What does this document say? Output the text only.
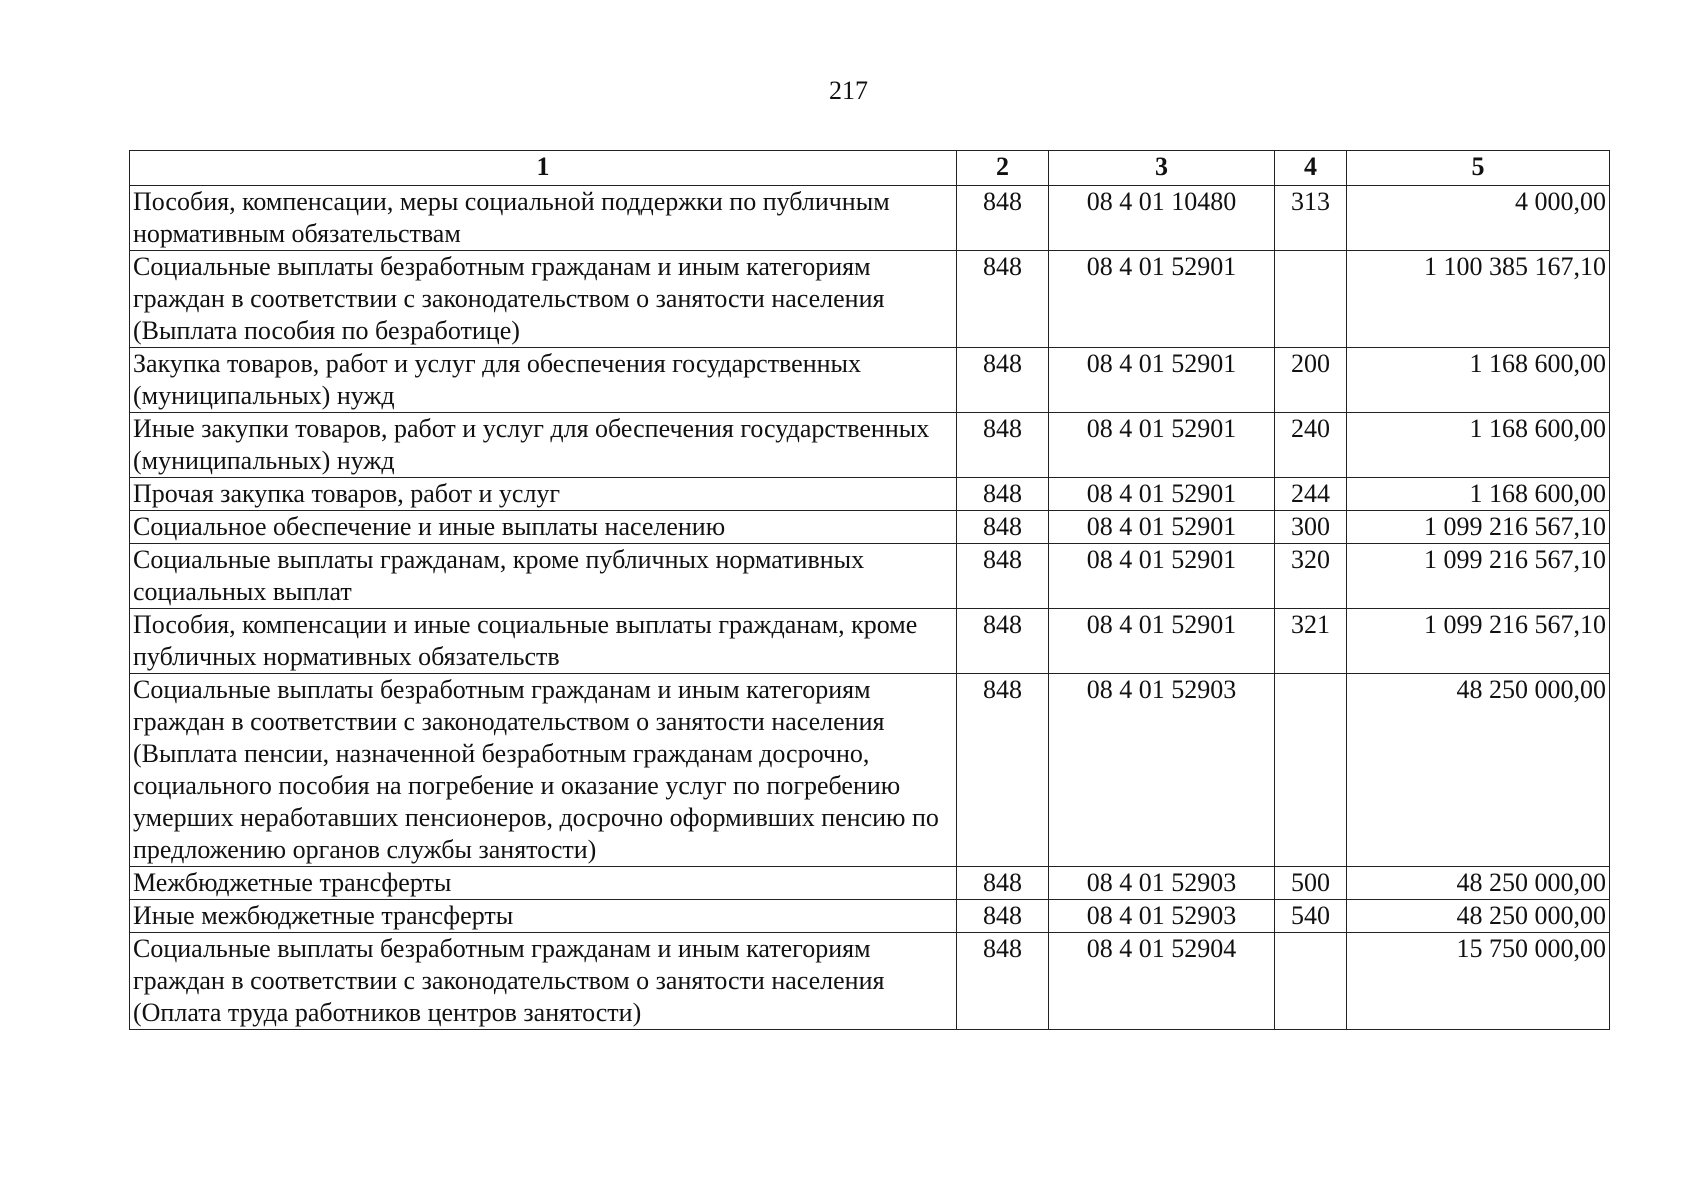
217
1	2	3	4	5
Пособия, компенсации, меры социальной поддержки по публичным нормативным обязательствам	848	08 4 01 10480	313	4 000,00
Социальные выплаты безработным гражданам и иным категориям граждан в соответствии с законодательством о занятости населения (Выплата пособия по безработице)	848	08 4 01 52901		1 100 385 167,10
Закупка товаров, работ и услуг для обеспечения государственных (муниципальных) нужд	848	08 4 01 52901	200	1 168 600,00
Иные закупки товаров, работ и услуг для обеспечения государственных (муниципальных) нужд	848	08 4 01 52901	240	1 168 600,00
Прочая закупка товаров, работ и услуг	848	08 4 01 52901	244	1 168 600,00
Социальное обеспечение и иные выплаты населению	848	08 4 01 52901	300	1 099 216 567,10
Социальные выплаты гражданам, кроме публичных нормативных социальных выплат	848	08 4 01 52901	320	1 099 216 567,10
Пособия, компенсации и иные социальные выплаты гражданам, кроме публичных нормативных обязательств	848	08 4 01 52901	321	1 099 216 567,10
Социальные выплаты безработным гражданам и иным категориям граждан в соответствии с законодательством о занятости населения (Выплата пенсии, назначенной безработным гражданам досрочно, социального пособия на погребение и оказание услуг по погребению умерших неработавших пенсионеров, досрочно оформивших пенсию по предложению органов службы занятости)	848	08 4 01 52903		48 250 000,00
Межбюджетные трансферты	848	08 4 01 52903	500	48 250 000,00
Иные межбюджетные трансферты	848	08 4 01 52903	540	48 250 000,00
Социальные выплаты безработным гражданам и иным категориям граждан в соответствии с законодательством о занятости населения (Оплата труда работников центров занятости)	848	08 4 01 52904		15 750 000,00
